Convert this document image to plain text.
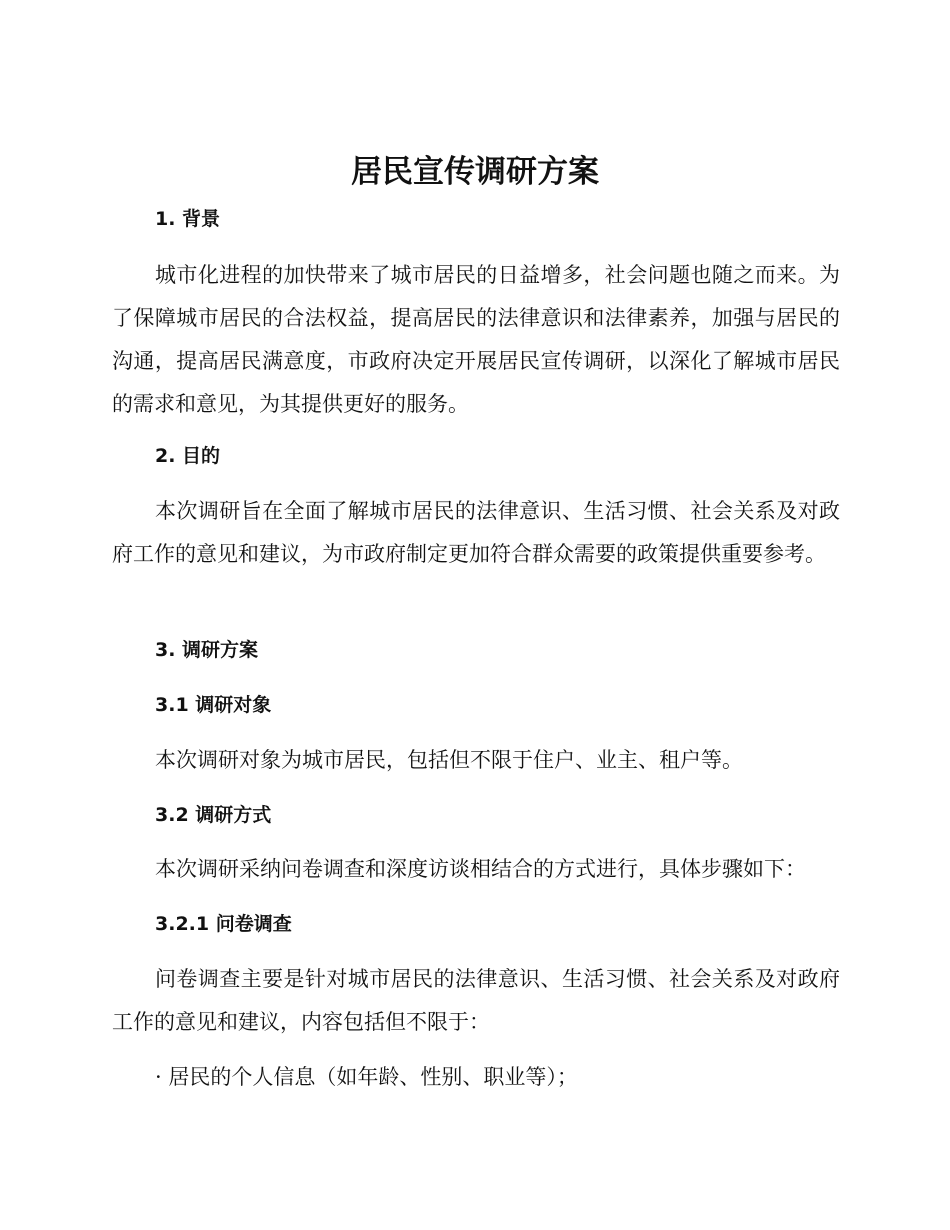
居民宣传调研方案
1. 背景

城市化进程的加快带来了城市居民的日益增多，社会问题也随之而来。为了保障城市居民的合法权益，提高居民的法律意识和法律素养，加强与居民的沟通，提高居民满意度，市政府决定开展居民宣传调研，以深化了解城市居民的需求和意见，为其提供更好的服务。

2. 目的

本次调研旨在全面了解城市居民的法律意识、生活习惯、社会关系及对政府工作的意见和建议，为市政府制定更加符合群众需要的政策提供重要参考。

3. 调研方案
3.1 调研对象

本次调研对象为城市居民，包括但不限于住户、业主、租户等。

3.2 调研方式

本次调研采纳问卷调查和深度访谈相结合的方式进行，具体步骤如下：

3.2.1 问卷调查

问卷调查主要是针对城市居民的法律意识、生活习惯、社会关系及对政府工作的意见和建议，内容包括但不限于：

· 居民的个人信息（如年龄、性别、职业等）；
